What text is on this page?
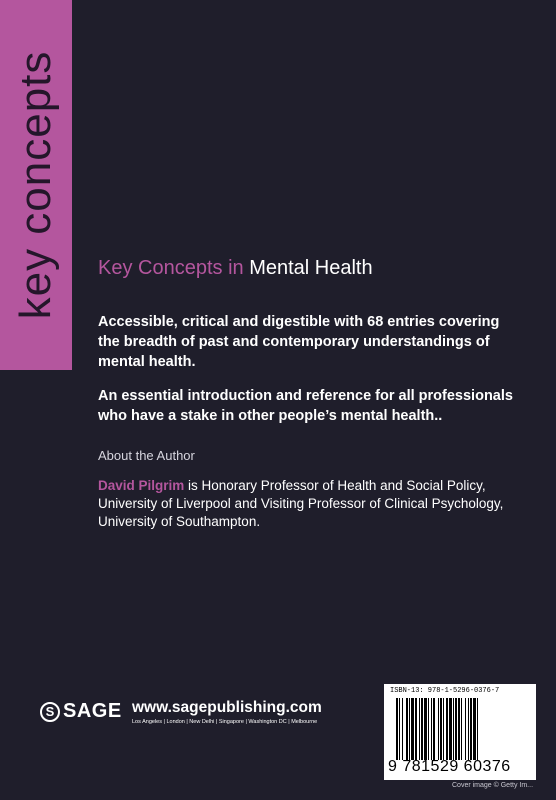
key concepts Key Concepts in Mental Health

Accessible, critical and digestible with 68 entries covering the breadth of past and contemporary understandings of mental health.

An essential introduction and reference for all professionals who have a stake in other people’s mental health..

About the Author

David Pilgrim is Honorary Professor of Health and Social Policy, University of Liverpool and Visiting Professor of Clinical Psychology, University of Southampton.

S SAGE www.sagepublishing.com
Los Angeles | London | New Delhi | Singapore | Washington DC | Melbourne
ISBN-13: 978-1-5296-0376-7
9 781529 60376
Cover image © Getty Im...
